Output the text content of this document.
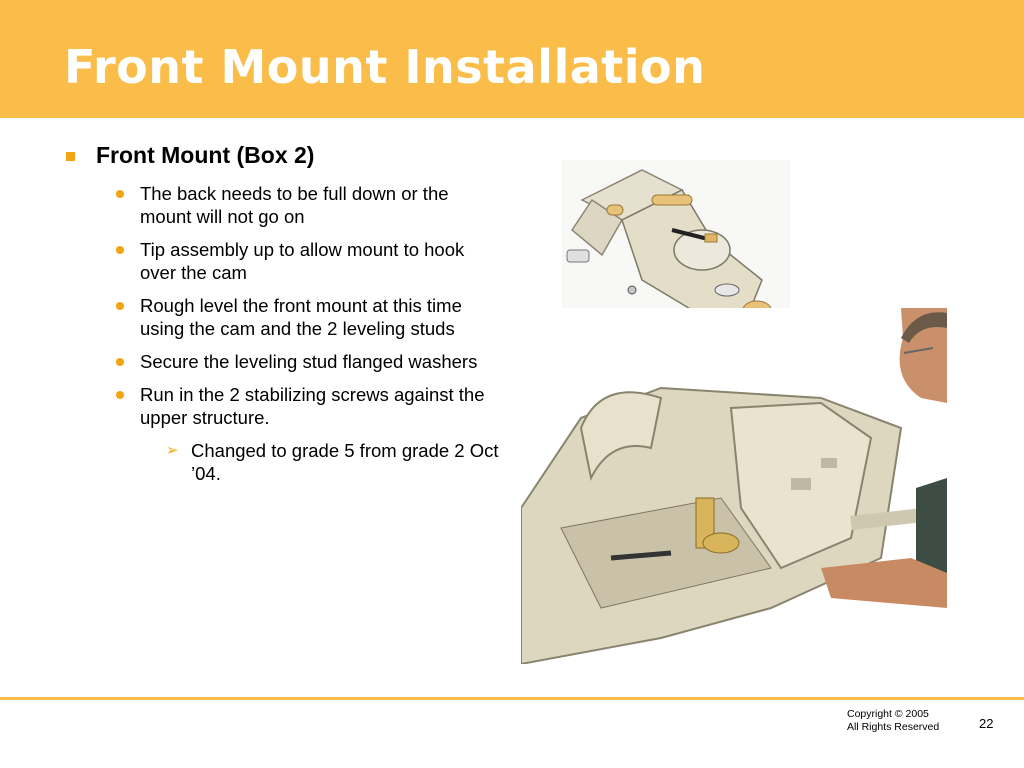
Front Mount Installation
Front Mount (Box 2)
The back needs to be full down or the mount will not go on
Tip assembly up to allow mount to hook over the cam
Rough level the front mount at this time using the cam and the 2 leveling studs
Secure the leveling stud flanged washers
Run in the 2 stabilizing screws against the upper structure.
➢ Changed to grade 5 from grade 2 Oct ’04.
Copyright © 2005
All Rights Reserved	22
